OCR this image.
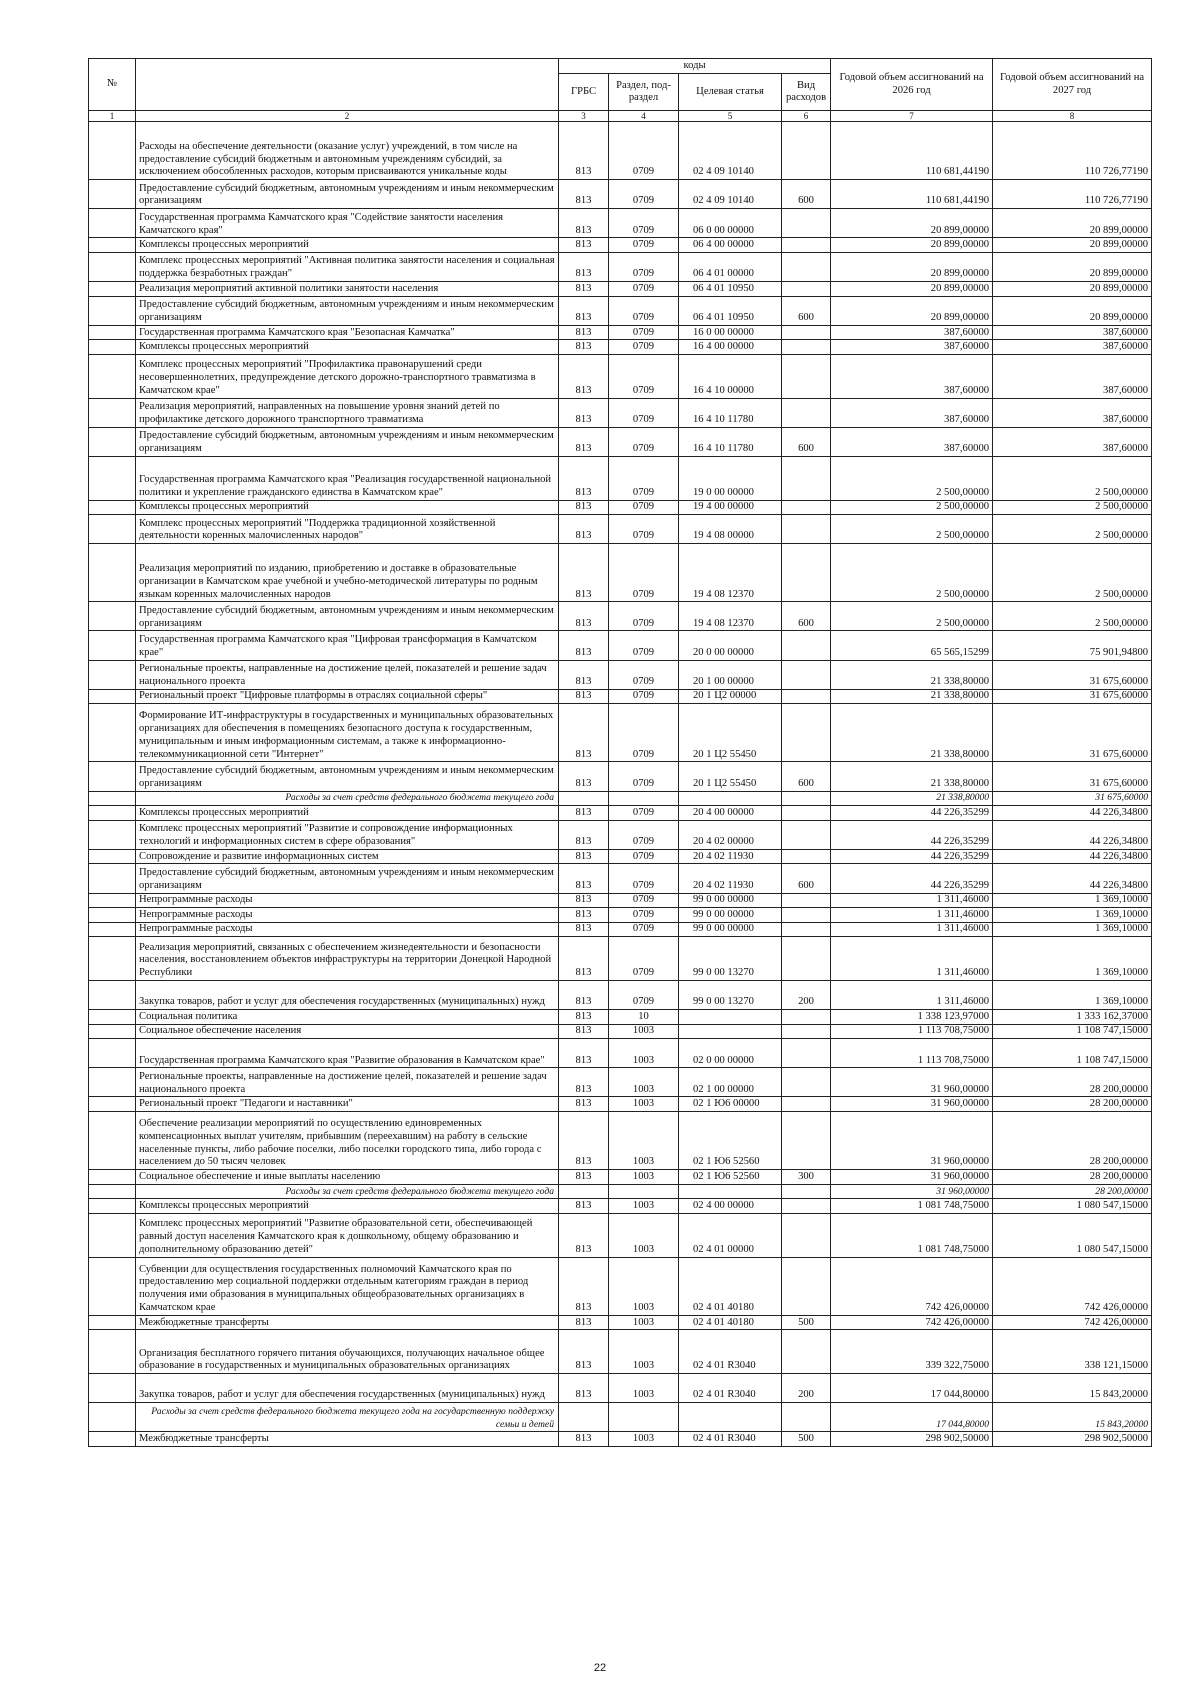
№		коды				Годовой объем ассигнований на 2026 год	Годовой объем ассигнований на 2027 год
		ГРБС	Раздел, под-раздел	Целевая статья	Вид расходов		
1	2	3	4	5	6	7	8
	Расходы на обеспечение деятельности (оказание услуг) учреждений, в том числе на предоставление субсидий бюджетным и автономным учреждениям субсидий, за исключением обособленных расходов, которым присваиваются уникальные коды	813	0709	02 4 09 10140		110 681,44190	110 726,77190
	Предоставление субсидий бюджетным, автономным учреждениям и иным некоммерческим организациям	813	0709	02 4 09 10140	600	110 681,44190	110 726,77190
	Государственная программа Камчатского края "Содействие занятости населения Камчатского края"	813	0709	06 0 00 00000		20 899,00000	20 899,00000
	Комплексы процессных мероприятий	813	0709	06 4 00 00000		20 899,00000	20 899,00000
	Комплекс процессных мероприятий "Активная политика занятости населения и социальная поддержка безработных граждан"	813	0709	06 4 01 00000		20 899,00000	20 899,00000
	Реализация мероприятий активной политики занятости населения	813	0709	06 4 01 10950		20 899,00000	20 899,00000
	Предоставление субсидий бюджетным, автономным учреждениям и иным некоммерческим организациям	813	0709	06 4 01 10950	600	20 899,00000	20 899,00000
	Государственная программа Камчатского края "Безопасная Камчатка"	813	0709	16 0 00 00000		387,60000	387,60000
	Комплексы процессных мероприятий	813	0709	16 4 00 00000		387,60000	387,60000
	Комплекс процессных мероприятий "Профилактика правонарушений среди несовершеннолетних, предупреждение детского дорожно-транспортного травматизма в Камчатском крае"	813	0709	16 4 10 00000		387,60000	387,60000
	Реализация мероприятий, направленных на повышение уровня знаний детей по профилактике детского дорожного транспортного травматизма	813	0709	16 4 10 11780		387,60000	387,60000
	Предоставление субсидий бюджетным, автономным учреждениям и иным некоммерческим организациям	813	0709	16 4 10 11780	600	387,60000	387,60000
	Государственная программа Камчатского края "Реализация государственной национальной политики и укрепление гражданского единства в Камчатском крае"	813	0709	19 0 00 00000		2 500,00000	2 500,00000
	Комплексы процессных мероприятий	813	0709	19 4 00 00000		2 500,00000	2 500,00000
	Комплекс процессных мероприятий "Поддержка традиционной хозяйственной деятельности коренных малочисленных народов"	813	0709	19 4 08 00000		2 500,00000	2 500,00000
	Реализация мероприятий по изданию, приобретению и доставке в образовательные организации в Камчатском крае учебной и учебно-методической литературы по родным языкам коренных малочисленных народов	813	0709	19 4 08 12370		2 500,00000	2 500,00000
	Предоставление субсидий бюджетным, автономным учреждениям и иным некоммерческим организациям	813	0709	19 4 08 12370	600	2 500,00000	2 500,00000
	Государственная программа Камчатского края "Цифровая трансформация в Камчатском крае"	813	0709	20 0 00 00000		65 565,15299	75 901,94800
	Региональные проекты, направленные на достижение целей, показателей и решение задач национального проекта	813	0709	20 1 00 00000		21 338,80000	31 675,60000
	Региональный проект "Цифровые платформы в отраслях социальной сферы"	813	0709	20 1 Ц2 00000		21 338,80000	31 675,60000
	Формирование ИТ-инфраструктуры в государственных и муниципальных образовательных организациях для обеспечения в помещениях безопасного доступа к государственным, муниципальным и иным информационным системам, а также к информационно-телекоммуникационной сети "Интернет"	813	0709	20 1 Ц2 55450		21 338,80000	31 675,60000
	Предоставление субсидий бюджетным, автономным учреждениям и иным некоммерческим организациям	813	0709	20 1 Ц2 55450	600	21 338,80000	31 675,60000
	Расходы за счет средств федерального бюджета текущего года					21 338,80000	31 675,60000
	Комплексы процессных мероприятий	813	0709	20 4 00 00000		44 226,35299	44 226,34800
	Комплекс процессных мероприятий "Развитие и сопровождение информационных технологий и информационных систем в сфере образования"	813	0709	20 4 02 00000		44 226,35299	44 226,34800
	Сопровождение и развитие информационных систем	813	0709	20 4 02 11930		44 226,35299	44 226,34800
	Предоставление субсидий бюджетным, автономным учреждениям и иным некоммерческим организациям	813	0709	20 4 02 11930	600	44 226,35299	44 226,34800
	Непрограммные расходы	813	0709	99 0 00 00000		1 311,46000	1 369,10000
	Непрограммные расходы	813	0709	99 0 00 00000		1 311,46000	1 369,10000
	Непрограммные расходы	813	0709	99 0 00 00000		1 311,46000	1 369,10000
	Реализация мероприятий, связанных с обеспечением жизнедеятельности и безопасности населения, восстановлением объектов инфраструктуры на территории Донецкой Народной Республики	813	0709	99 0 00 13270		1 311,46000	1 369,10000
	Закупка товаров, работ и услуг для обеспечения государственных (муниципальных) нужд	813	0709	99 0 00 13270	200	1 311,46000	1 369,10000
	Социальная политика	813	10			1 338 123,97000	1 333 162,37000
	Социальное обеспечение населения	813	1003			1 113 708,75000	1 108 747,15000
	Государственная программа Камчатского края "Развитие образования в Камчатском крае"	813	1003	02 0 00 00000		1 113 708,75000	1 108 747,15000
	Региональные проекты, направленные на достижение целей, показателей и решение задач национального проекта	813	1003	02 1 00 00000		31 960,00000	28 200,00000
	Региональный проект "Педагоги и наставники"	813	1003	02 1 Ю6 00000		31 960,00000	28 200,00000
	Обеспечение реализации мероприятий по осуществлению единовременных компенсационных выплат учителям, прибывшим (переехавшим) на работу в сельские населенные пункты, либо рабочие поселки, либо поселки городского типа, либо города с населением до 50 тысяч человек	813	1003	02 1 Ю6 52560		31 960,00000	28 200,00000
	Социальное обеспечение и иные выплаты населению	813	1003	02 1 Ю6 52560	300	31 960,00000	28 200,00000
	Расходы за счет средств федерального бюджета текущего года					31 960,00000	28 200,00000
	Комплексы процессных мероприятий	813	1003	02 4 00 00000		1 081 748,75000	1 080 547,15000
	Комплекс процессных мероприятий "Развитие образовательной сети, обеспечивающей равный доступ населения Камчатского края к дошкольному, общему образованию и дополнительному образованию детей"	813	1003	02 4 01 00000		1 081 748,75000	1 080 547,15000
	Субвенции для осуществления государственных полномочий Камчатского края по предоставлению мер социальной поддержки отдельным категориям граждан в период получения ими образования в муниципальных общеобразовательных организациях в Камчатском крае	813	1003	02 4 01 40180		742 426,00000	742 426,00000
	Межбюджетные трансферты	813	1003	02 4 01 40180	500	742 426,00000	742 426,00000
	Организация бесплатного горячего питания обучающихся, получающих начальное общее образование в государственных и муниципальных образовательных организациях	813	1003	02 4 01 R3040		339 322,75000	338 121,15000
	Закупка товаров, работ и услуг для обеспечения государственных (муниципальных) нужд	813	1003	02 4 01 R3040	200	17 044,80000	15 843,20000
	Расходы за счет средств федерального бюджета текущего года на государственную поддержку семьи и детей					17 044,80000	15 843,20000
	Межбюджетные трансферты	813	1003	02 4 01 R3040	500	298 902,50000	298 902,50000
22
